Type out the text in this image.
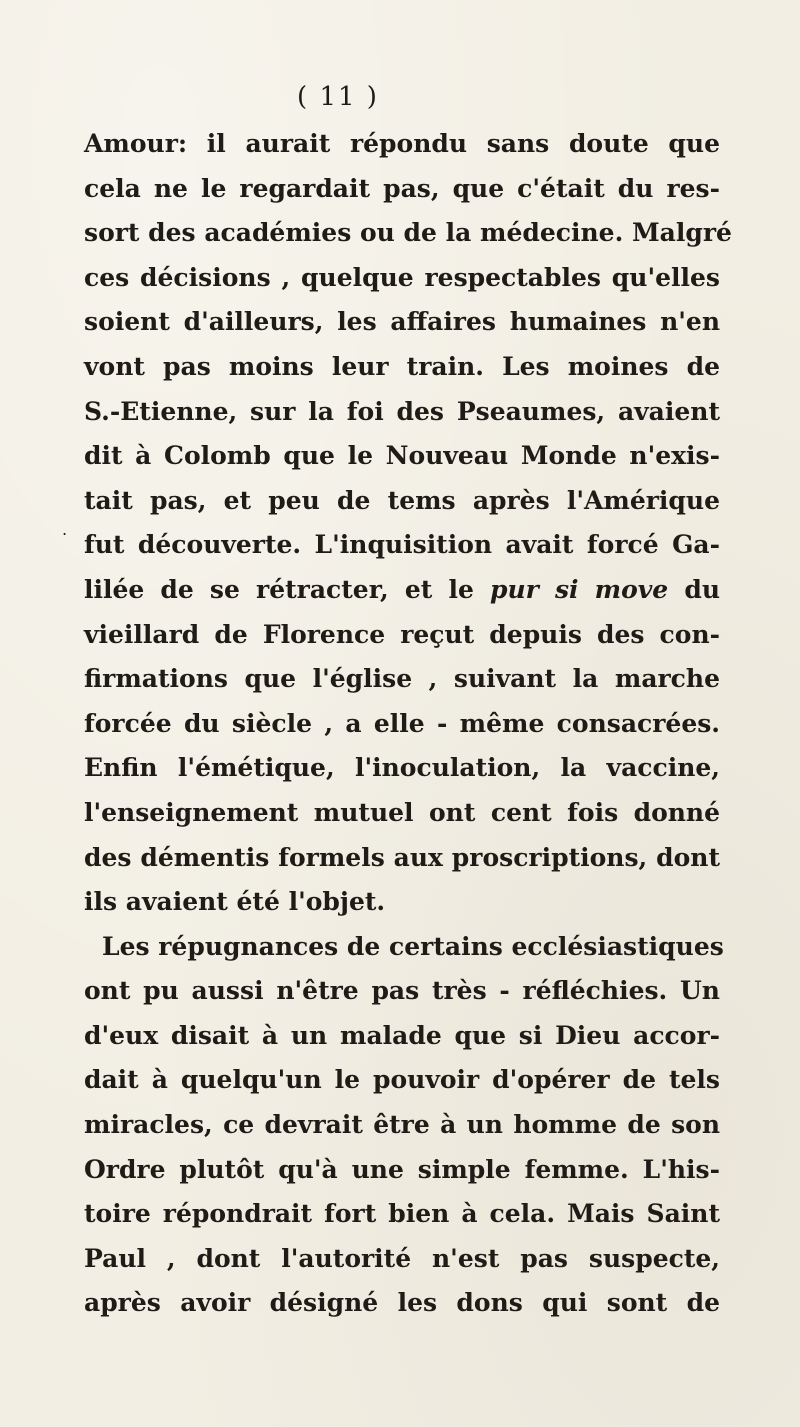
( 11 )
.
Amour: il aurait répondu sans doute que
cela ne le regardait pas, que c'était du res-
sort des académies ou de la médecine. Malgré
ces décisions , quelque respectables qu'elles
soient d'ailleurs, les affaires humaines n'en
vont pas moins leur train. Les moines de
S.-Etienne, sur la foi des Pseaumes, avaient
dit à Colomb que le Nouveau Monde n'exis-
tait pas, et peu de tems après l'Amérique
fut découverte. L'inquisition avait forcé Ga-
lilée de se rétracter, et le pur si move du
vieillard de Florence reçut depuis des con-
firmations que l'église , suivant la marche
forcée du siècle , a elle - même consacrées.
Enfin l'émétique, l'inoculation, la vaccine,
l'enseignement mutuel ont cent fois donné
des démentis formels aux proscriptions, dont
ils avaient été l'objet.
Les répugnances de certains ecclésiastiques
ont pu aussi n'être pas très - réfléchies. Un
d'eux disait à un malade que si Dieu accor-
dait à quelqu'un le pouvoir d'opérer de tels
miracles, ce devrait être à un homme de son
Ordre plutôt qu'à une simple femme. L'his-
toire répondrait fort bien à cela. Mais Saint
Paul , dont l'autorité n'est pas suspecte,
après avoir désigné les dons qui sont de
